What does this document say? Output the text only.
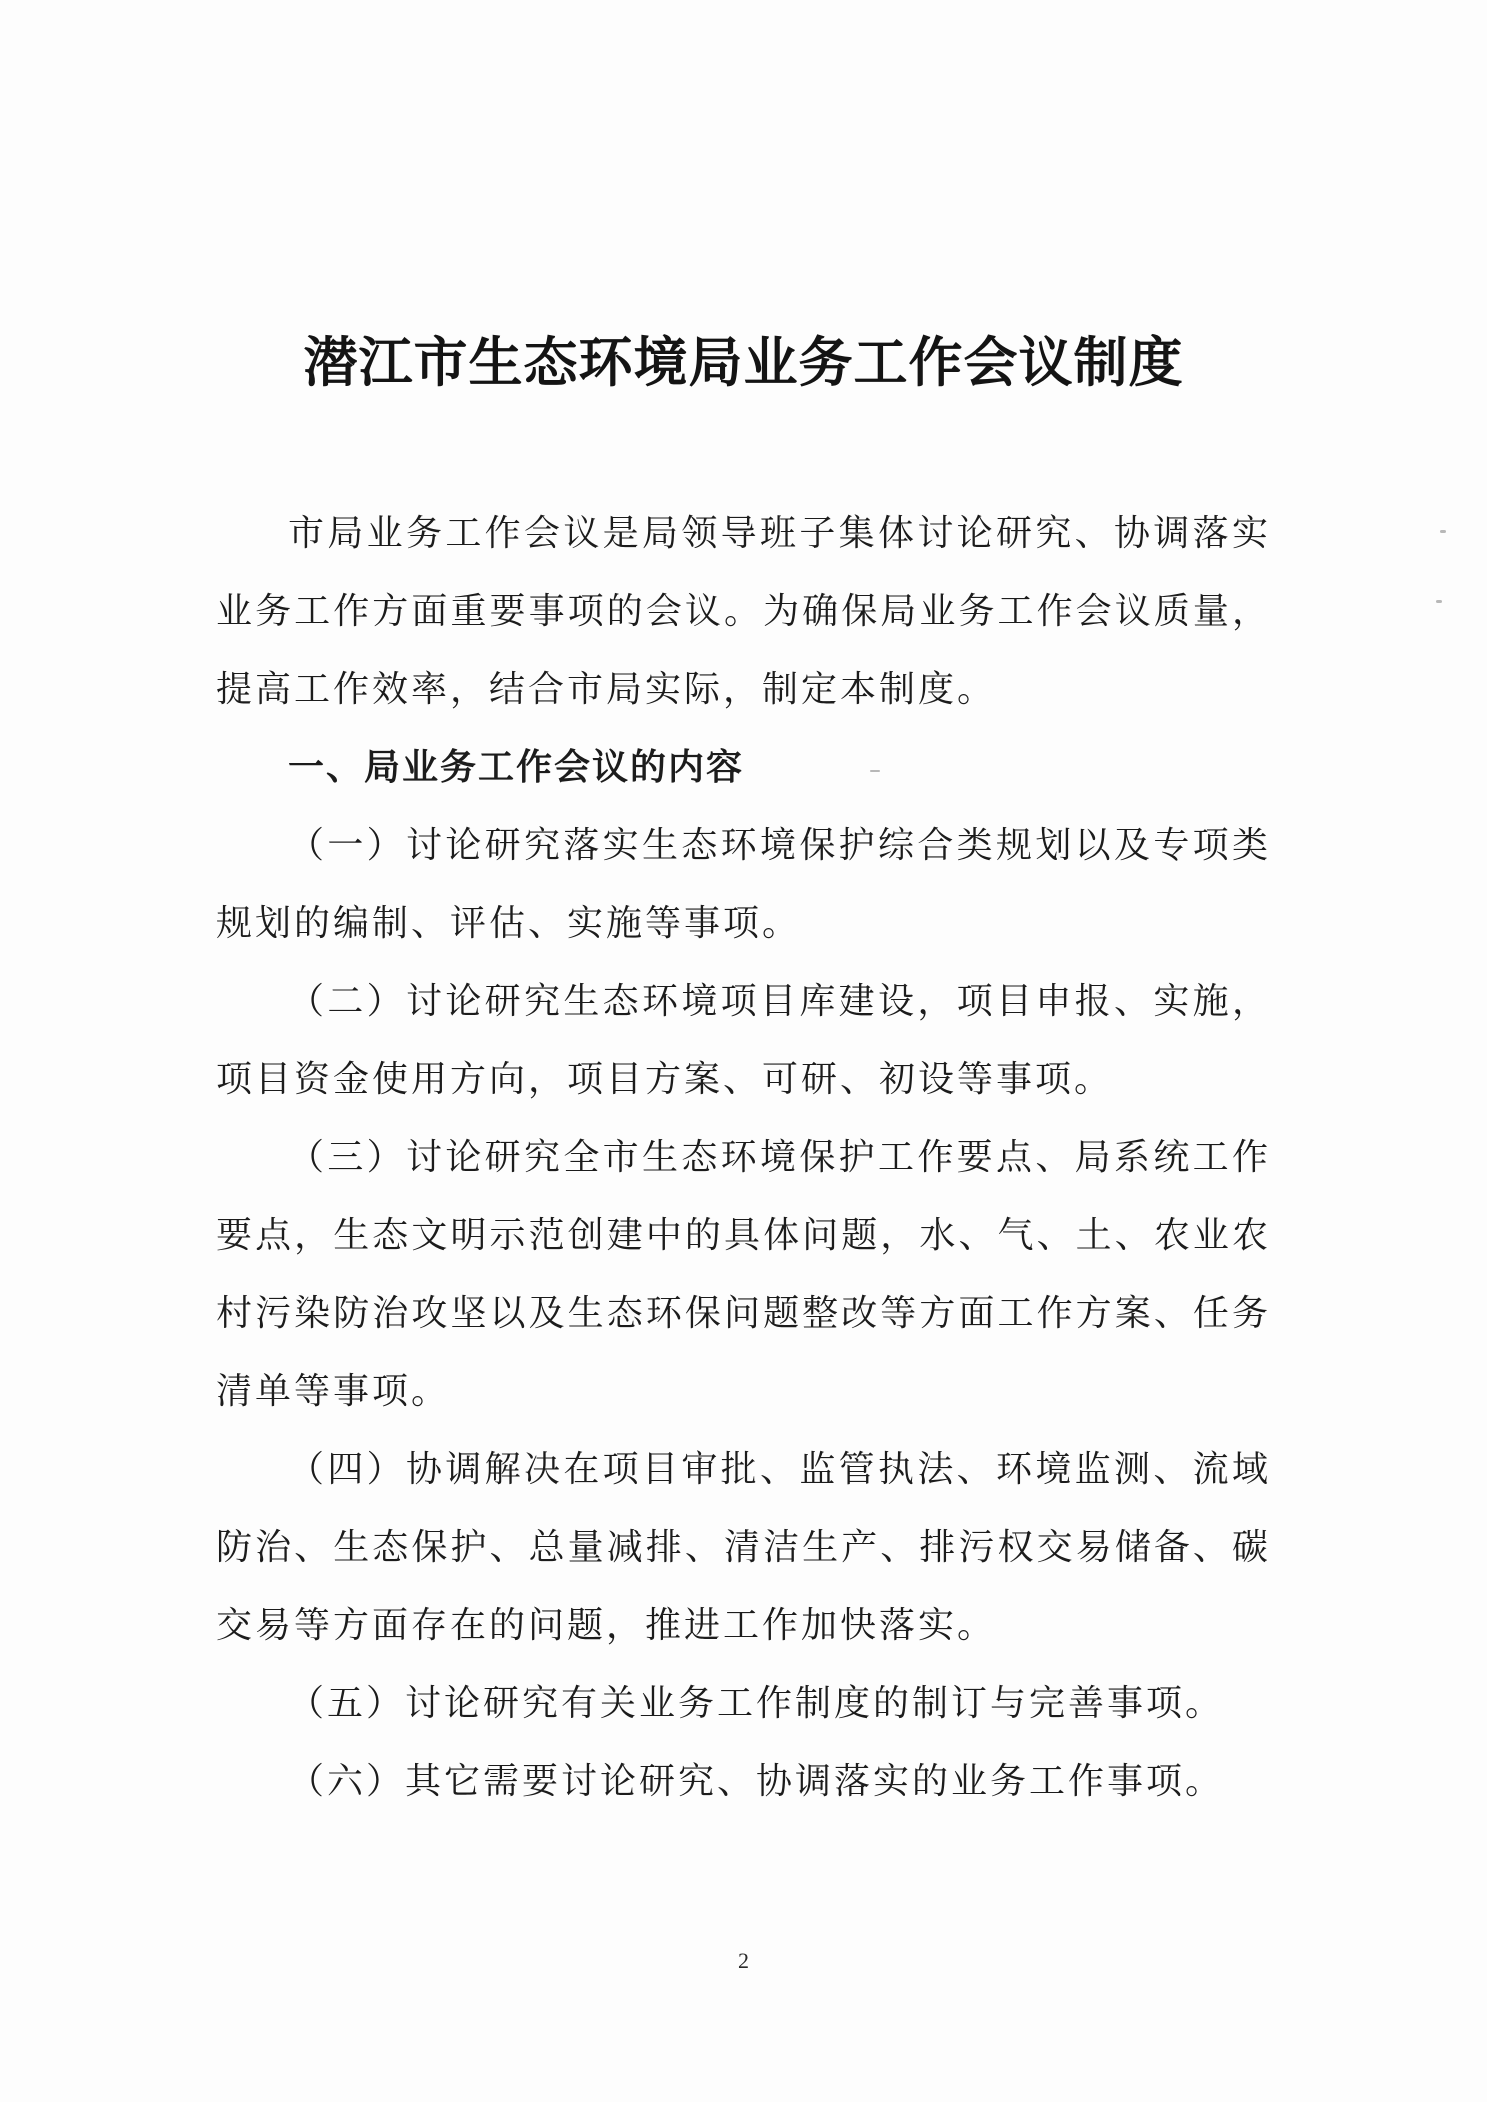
潜江市生态环境局业务工作会议制度

市局业务工作会议是局领导班子集体讨论研究、协调落实业务工作方面重要事项的会议。为确保局业务工作会议质量，提高工作效率，结合市局实际，制定本制度。

一、局业务工作会议的内容

（一）讨论研究落实生态环境保护综合类规划以及专项类规划的编制、评估、实施等事项。

（二）讨论研究生态环境项目库建设，项目申报、实施，项目资金使用方向，项目方案、可研、初设等事项。

（三）讨论研究全市生态环境保护工作要点、局系统工作要点，生态文明示范创建中的具体问题，水、气、土、农业农村污染防治攻坚以及生态环保问题整改等方面工作方案、任务清单等事项。

（四）协调解决在项目审批、监管执法、环境监测、流域防治、生态保护、总量减排、清洁生产、排污权交易储备、碳交易等方面存在的问题，推进工作加快落实。

（五）讨论研究有关业务工作制度的制订与完善事项。

（六）其它需要讨论研究、协调落实的业务工作事项。

2
